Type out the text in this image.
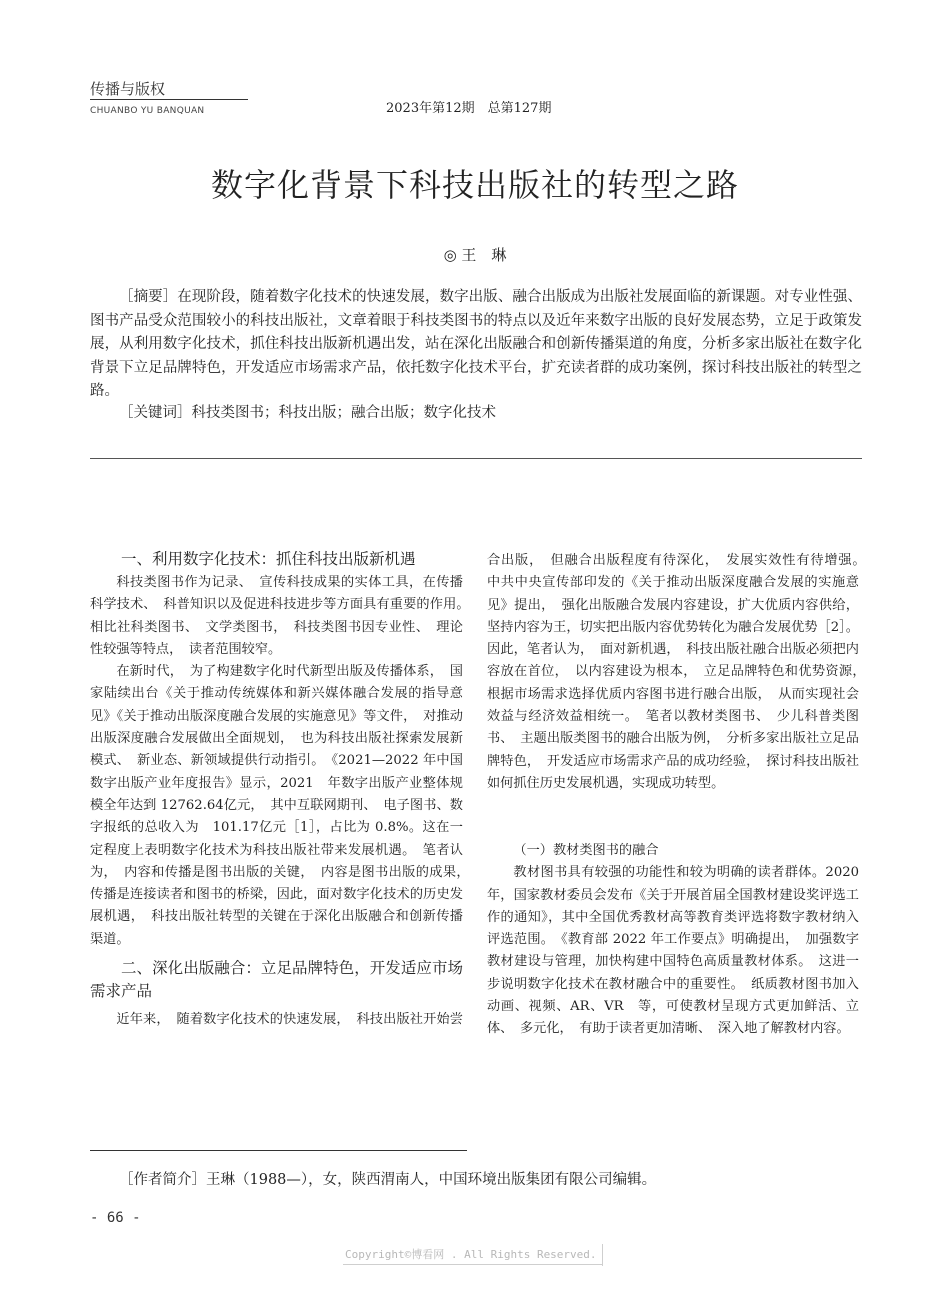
传播与版权
CHUANBO YU BANQUAN	2023年第12期　总第127期
数字化背景下科技出版社的转型之路
◎ 王　琳
［摘要］在现阶段，随着数字化技术的快速发展，数字出版、融合出版成为出版社发展面临的新课题。对专业性强、图书产品受众范围较小的科技出版社，文章着眼于科技类图书的特点以及近年来数字出版的良好发展态势，立足于政策发展，从利用数字化技术，抓住科技出版新机遇出发，站在深化出版融合和创新传播渠道的角度，分析多家出版社在数字化背景下立足品牌特色，开发适应市场需求产品，依托数字化技术平台，扩充读者群的成功案例，探讨科技出版社的转型之路。
［关键词］科技类图书；科技出版；融合出版；数字化技术
一、利用数字化技术：抓住科技出版新机遇

科技类图书作为记录、　宣传科技成果的实体工具，在传播科学技术、　科普知识以及促进科技进步等方面具有重要的作用。　相比社科类图书、　文学类图书，　科技类图书因专业性、　理论性较强等特点，　读者范围较窄。

在新时代，　为了构建数字化时代新型出版及传播体系，　国家陆续出台《关于推动传统媒体和新兴媒体融合发展的指导意见》《关于推动出版深度融合发展的实施意见》等文件，　对推动出版深度融合发展做出全面规划，　也为科技出版社探索发展新模式、　新业态、新领域提供行动指引。　《2021—2022 年中国数字出版产业年度报告》显示，2021　年数字出版产业整体规模全年达到 12762.64亿元，　其中互联网期刊、　电子图书、数字报纸的总收入为　101.17亿元［1］，占比为 0.8%。这在一定程度上表明数字化技术为科技出版社带来发展机遇。　笔者认为，　内容和传播是图书出版的关键，　内容是图书出版的成果，　传播是连接读者和图书的桥梁，因此，面对数字化技术的历史发展机遇，　科技出版社转型的关键在于深化出版融合和创新传播渠道。

二、深化出版融合：立足品牌特色，开发适应市场需求产品

近年来，　随着数字化技术的快速发展，　科技出版社开始尝　　　　　　　　　　　　　　　　

　　合出版，　但融合出版程度有待深化，　发展实效性有待增强。　中共中央宣传部印发的《关于推动出版深度融合发展的实施意见》提出，　强化出版融合发展内容建设，扩大优质内容供给，坚持内容为王，切实把出版内容优势转化为融合发展优势［2］。因此，笔者认为，　面对新机遇，　科技出版社融合出版必须把内容放在首位，　以内容建设为根本，　立足品牌特色和优势资源，　根据市场需求选择优质内容图书进行融合出版，　从而实现社会效益与经济效益相统一。　笔者以教材类图书、　少儿科普类图书、　主题出版类图书的融合出版为例，　分析多家出版社立足品牌特色，　开发适应市场需求产品的成功经验，　探讨科技出版社如何抓住历史发展机遇，实现成功转型。

（一）教材类图书的融合

教材图书具有较强的功能性和较为明确的读者群体。2020 年，国家教材委员会发布《关于开展首届全国教材建设奖评选工作的通知》，其中全国优秀教材高等教育类评选将数字教材纳入评选范围。　《教育部 2022 年工作要点》明确提出，　加强数字教材建设与管理，加快构建中国特色高质量教材体系。　这进一步说明数字化技术在教材融合中的重要性。　纸质教材图书加入动画、视频、AR、VR　等，可使教材呈现方式更加鲜活、立体、　多元化，　有助于读者更加清晰、　深入地了解教材内容。

［作者简介］王琳（1988—），女，陕西渭南人，中国环境出版集团有限公司编辑。
- 66 -
Copyright©博看网 . All Rights Reserved.
